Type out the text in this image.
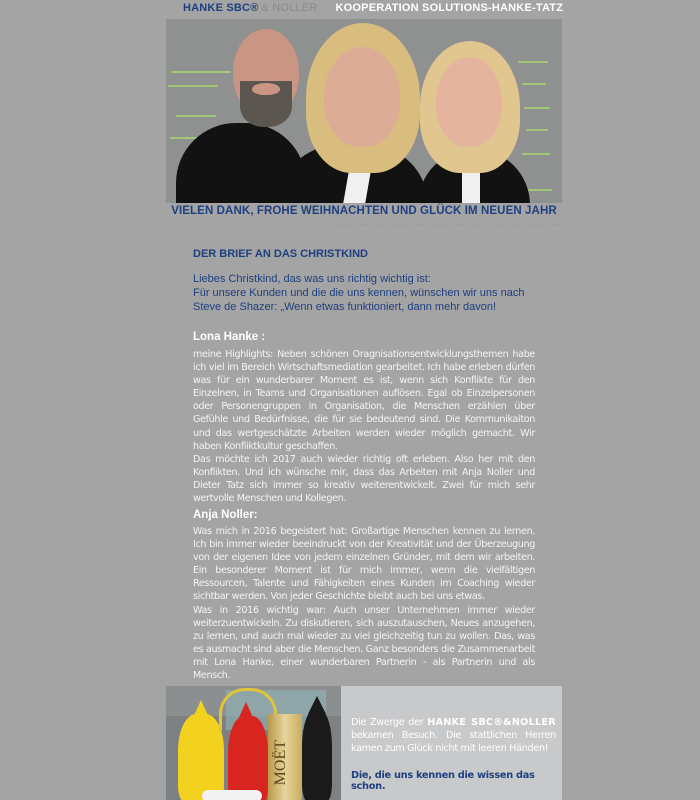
HANKE SBC® & NOLLER KOOPERATION SOLUTIONS-HANKE-TATZ
VIELEN DANK, FROHE WEIHNACHTEN UND GLÜCK IM NEUEN JAHR
DER BRIEF AN DAS CHRISTKIND
Liebes Christkind, das was uns richtig wichtig ist:
Für unsere Kunden und die die uns kennen, wünschen wir uns nach
Steve de Shazer: „Wenn etwas funktioniert, dann mehr davon!
Lona Hanke :

meine Highlights: Neben schönen Oragnisationsentwicklungsthemen habe ich viel im Bereich Wirtschaftsmediation gearbeitet. Ich habe erleben dürfen was für ein wunderbarer Moment es ist, wenn sich Konflikte für den Einzelnen, in Teams und Organisationen auflösen. Egal ob Einzelpersonen oder Personengruppen in Organisation, die Menschen erzählen über Gefühle und Bedürfnisse, die für sie bedeutend sind. Die Kommunikaiton und das wertgeschätzte Arbeiten werden wieder möglich gemacht. Wir haben Konfliktkultur geschaffen.

Das möchte ich 2017 auch wieder richtig oft erleben. Also her mit den Konflikten. Und ich wünsche mir, dass das Arbeiten mit Anja Noller und Dieter Tatz sich immer so kreativ weiterentwickelt. Zwei für mich sehr wertvolle Menschen und Kollegen.

Anja Noller:

Was mich in 2016 begeistert hat: Großartige Menschen kennen zu lernen. Ich bin immer wieder beeindruckt von der Kreativität und der Überzeugung von der eigenen Idee von jedem einzelnen Gründer, mit dem wir arbeiten. Ein besonderer Moment ist für mich immer, wenn die vielfältigen Ressourcen, Talente und Fähigkeiten eines Kunden im Coaching wieder sichtbar werden. Von jeder Geschichte bleibt auch bei uns etwas.

Was in 2016 wichtig war: Auch unser Unternehmen immer wieder weiterzuentwickeln. Zu diskutieren, sich auszutauschen, Neues anzugehen, zu lernen, und auch mal wieder zu viel gleichzeitig tun zu wollen. Das, was es ausmacht sind aber die Menschen. Ganz besonders die Zusammenarbeit mit Lona Hanke, einer wunderbaren Partnerin - als Partnerin und als Mensch.

MOËT
Die Zwerge der HANKE SBC®&NOLLER bekamen Besuch. Die stattlichen Herren kamen zum Glück nicht mit leeren Händen!
Die, die uns kennen die wissen das schon.
